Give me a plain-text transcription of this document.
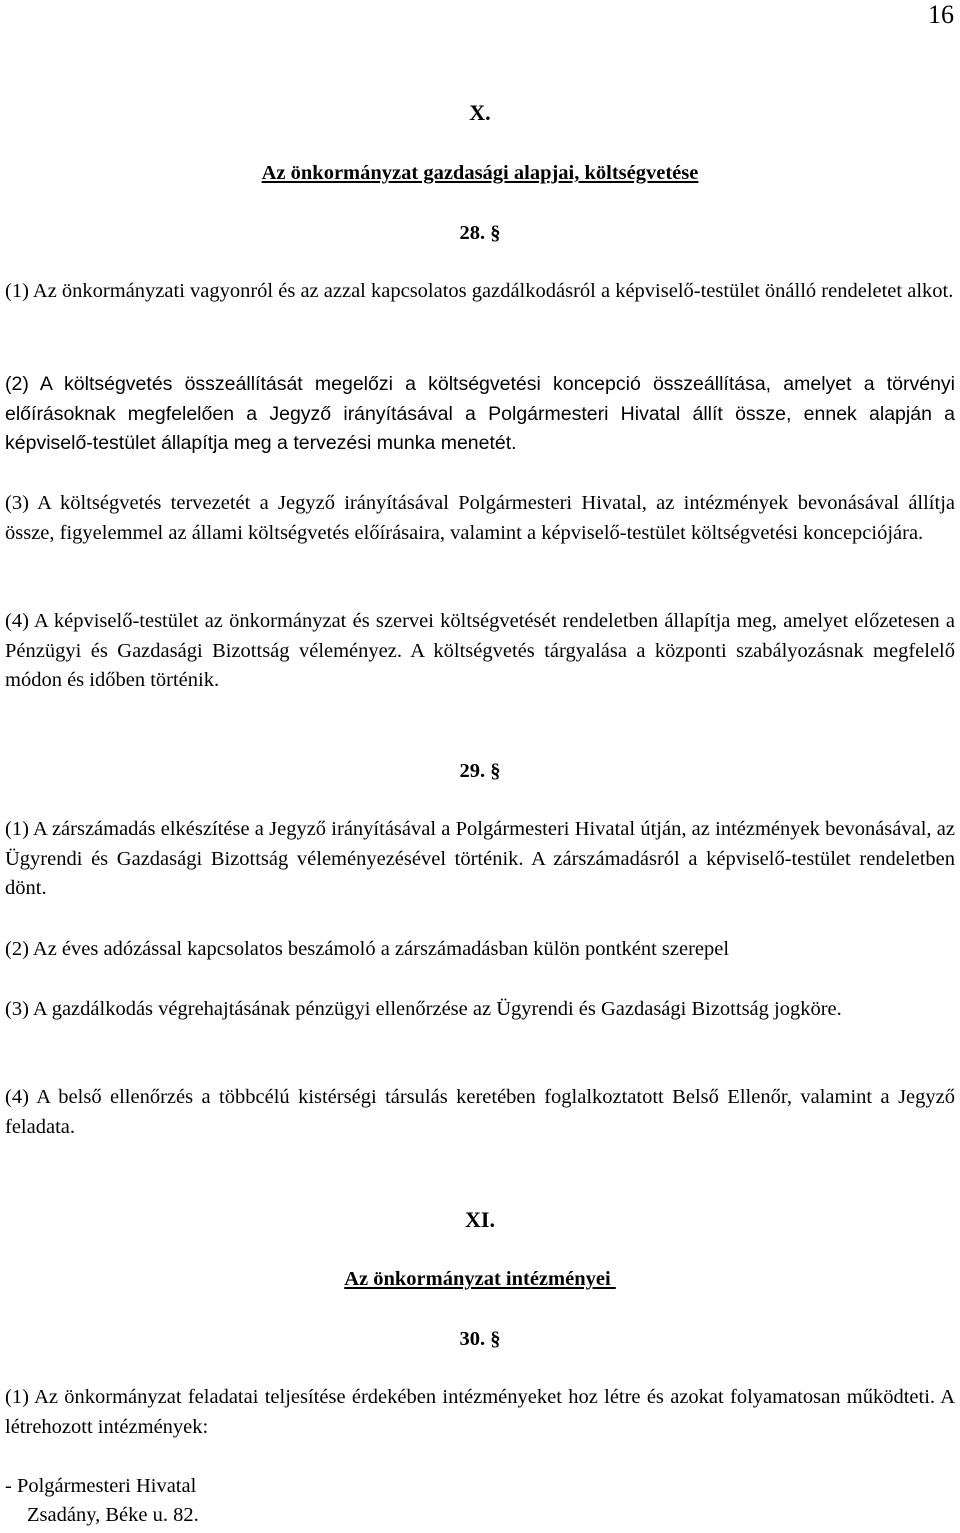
16
X.
Az önkormányzat gazdasági alapjai, költségvetése
28. §
(1) Az önkormányzati vagyonról és az azzal kapcsolatos gazdálkodásról a képviselő-testület önálló rendeletet alkot.
(2) A költségvetés összeállítását megelőzi a költségvetési koncepció összeállítása, amelyet a törvényi előírásoknak megfelelően a Jegyző irányításával a Polgármesteri Hivatal állít össze, ennek alapján a képviselő-testület állapítja meg a tervezési munka menetét.
(3) A költségvetés tervezetét a Jegyző irányításával Polgármesteri Hivatal, az intézmények bevonásával állítja össze, figyelemmel az állami költségvetés előírásaira, valamint a képviselő-testület költségvetési koncepciójára.
(4) A képviselő-testület az önkormányzat és szervei költségvetését rendeletben állapítja meg, amelyet előzetesen a Pénzügyi és Gazdasági Bizottság véleményez. A költségvetés tárgyalása a központi szabályozásnak megfelelő módon és időben történik.
29. §
(1) A zárszámadás elkészítése a Jegyző irányításával a Polgármesteri Hivatal útján, az intézmények bevonásával, az Ügyrendi és Gazdasági Bizottság véleményezésével történik. A zárszámadásról a képviselő-testület rendeletben dönt.
(2) Az éves adózással kapcsolatos beszámoló a zárszámadásban külön pontként szerepel
(3) A gazdálkodás végrehajtásának pénzügyi ellenőrzése az Ügyrendi és Gazdasági Bizottság jogköre.
(4) A belső ellenőrzés a többcélú kistérségi társulás keretében foglalkoztatott Belső Ellenőr, valamint a Jegyző feladata.
XI.
Az önkormányzat intézményei
30. §
(1) Az önkormányzat feladatai teljesítése érdekében intézményeket hoz létre és azokat folyamatosan működteti. A létrehozott intézmények:
- Polgármesteri Hivatal
Zsadány, Béke u. 82.
